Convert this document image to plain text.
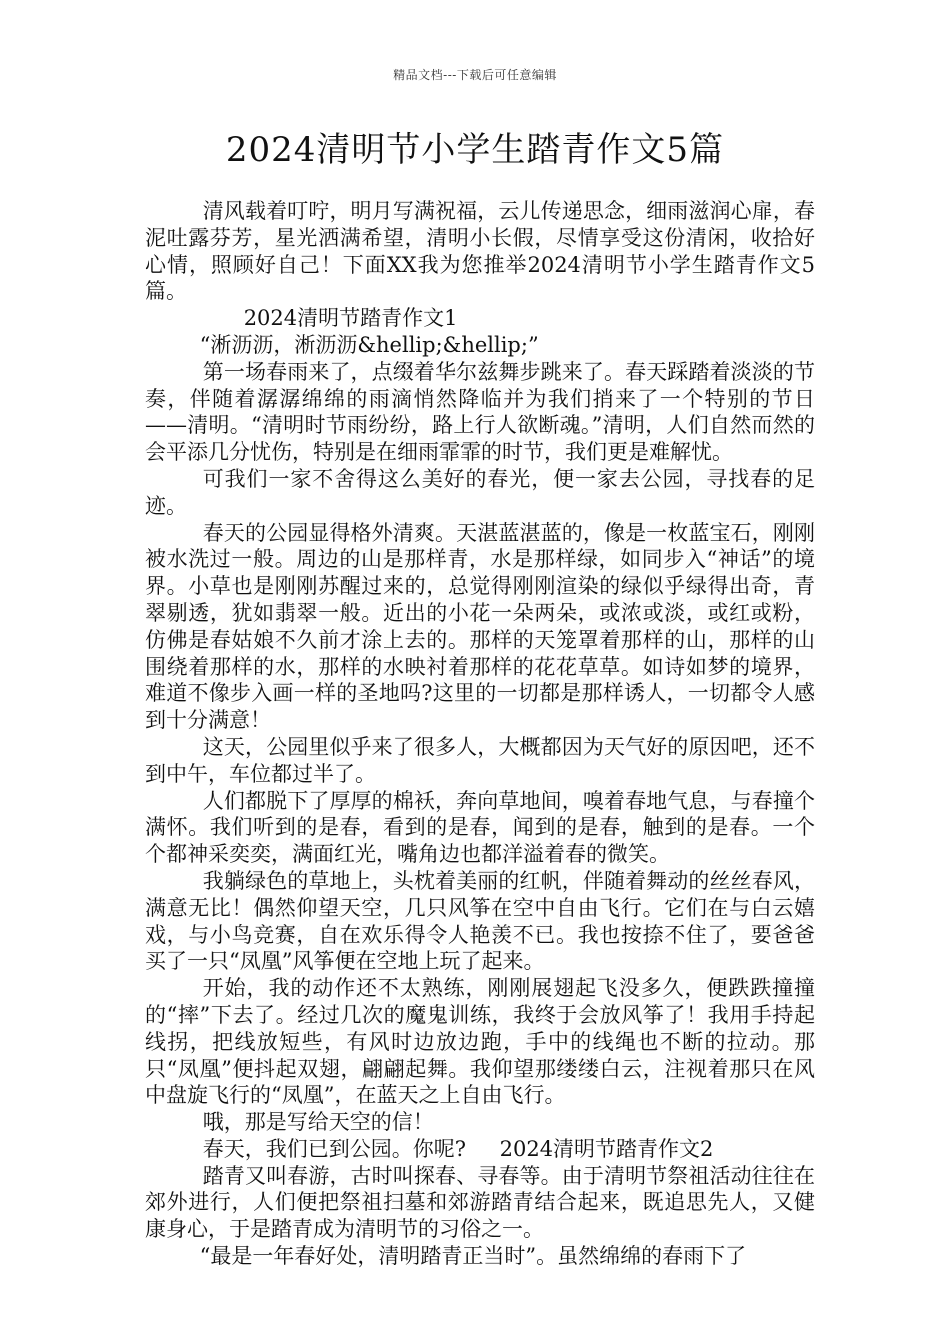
精品文档---下载后可任意编辑
2024清明节小学生踏青作文5篇

清风载着叮咛，明月写满祝福，云儿传递思念，细雨滋润心扉，春泥吐露芬芳，星光洒满希望，清明小长假，尽情享受这份清闲，收拾好心情，照顾好自己！下面XX我为您推举2024清明节小学生踏青作文5篇。

2024清明节踏青作文1

“淅沥沥，淅沥沥&hellip;&hellip;”

第一场春雨来了，点缀着华尔兹舞步跳来了。春天踩踏着淡淡的节奏，伴随着潺潺绵绵的雨滴悄然降临并为我们捎来了一个特别的节日——清明。“清明时节雨纷纷，路上行人欲断魂。”清明，人们自然而然的会平添几分忧伤，特别是在细雨霏霏的时节，我们更是难解忧。

可我们一家不舍得这么美好的春光，便一家去公园，寻找春的足迹。

春天的公园显得格外清爽。天湛蓝湛蓝的，像是一枚蓝宝石，刚刚被水洗过一般。周边的山是那样青，水是那样绿，如同步入“神话”的境界。小草也是刚刚苏醒过来的，总觉得刚刚渲染的绿似乎绿得出奇，青翠剔透，犹如翡翠一般。近出的小花一朵两朵，或浓或淡，或红或粉，仿佛是春姑娘不久前才涂上去的。那样的天笼罩着那样的山，那样的山围绕着那样的水，那样的水映衬着那样的花花草草。如诗如梦的境界，难道不像步入画一样的圣地吗?这里的一切都是那样诱人，一切都令人感到十分满意！

这天，公园里似乎来了很多人，大概都因为天气好的原因吧，还不到中午，车位都过半了。

人们都脱下了厚厚的棉袄，奔向草地间，嗅着春地气息，与春撞个满怀。我们听到的是春，看到的是春，闻到的是春，触到的是春。一个个都神采奕奕，满面红光，嘴角边也都洋溢着春的微笑。

我躺绿色的草地上，头枕着美丽的红帆，伴随着舞动的丝丝春风，满意无比！偶然仰望天空，几只风筝在空中自由飞行。它们在与白云嬉戏，与小鸟竞赛，自在欢乐得令人艳羡不已。我也按捺不住了，要爸爸买了一只“凤凰”风筝便在空地上玩了起来。

开始，我的动作还不太熟练，刚刚展翅起飞没多久，便跌跌撞撞的“摔”下去了。经过几次的魔鬼训练，我终于会放风筝了！我用手持起线拐，把线放短些，有风时边放边跑，手中的线绳也不断的拉动。那只“凤凰”便抖起双翅，翩翩起舞。我仰望那缕缕白云，注视着那只在风中盘旋飞行的“凤凰”，在蓝天之上自由飞行。

哦，那是写给天空的信！

春天，我们已到公园。你呢? 2024清明节踏青作文2

踏青又叫春游，古时叫探春、寻春等。由于清明节祭祖活动往往在郊外进行，人们便把祭祖扫墓和郊游踏青结合起来，既追思先人，又健康身心，于是踏青成为清明节的习俗之一。

“最是一年春好处，清明踏青正当时”。虽然绵绵的春雨下了
